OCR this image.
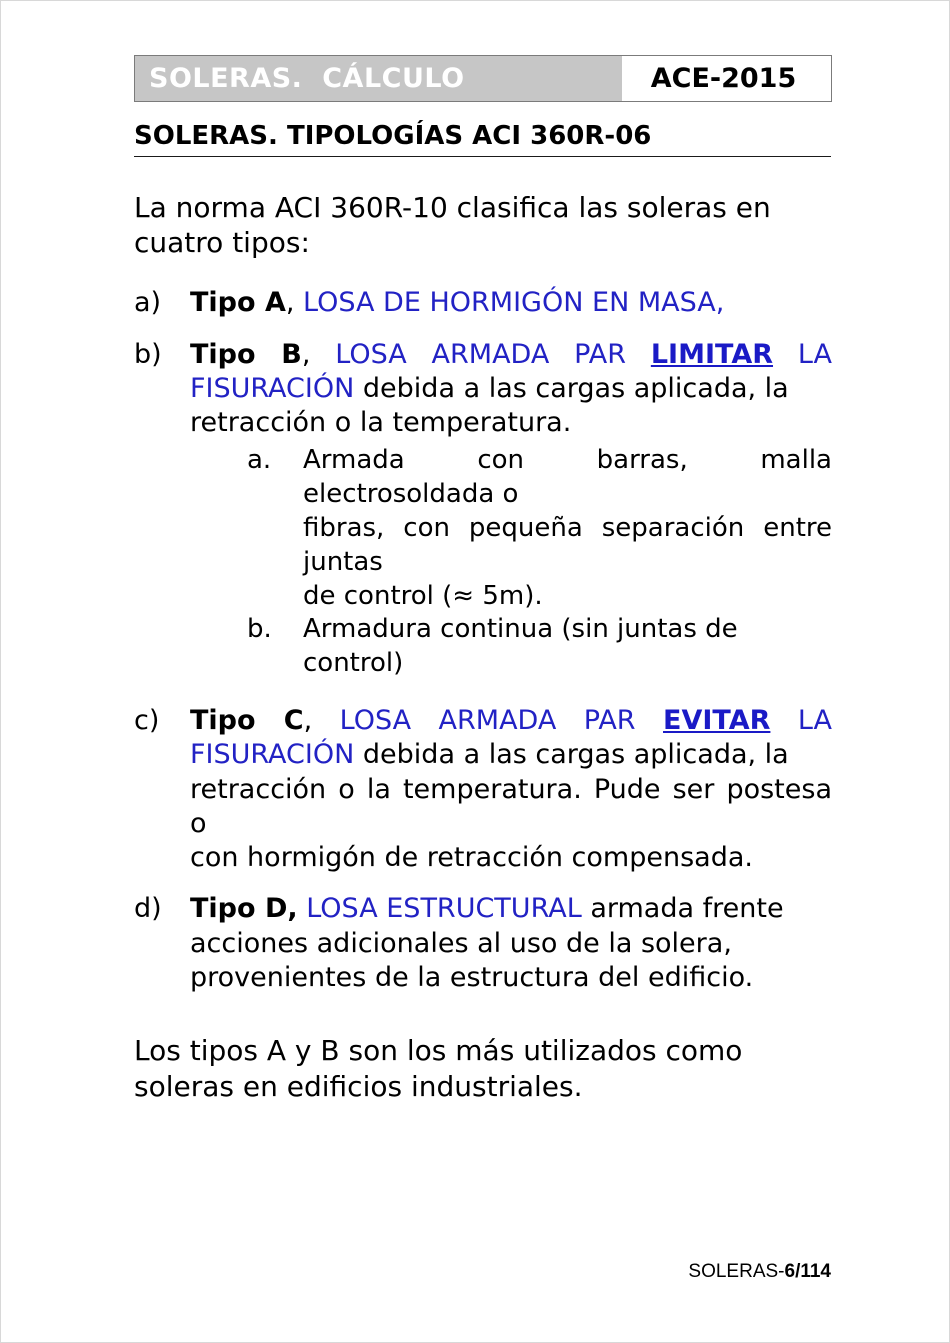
SOLERAS.  CÁLCULO	ACE-2015
SOLERAS. TIPOLOGÍAS ACI 360R-06
La norma ACI 360R-10 clasifica las soleras en
cuatro tipos:
a)	Tipo A, LOSA DE HORMIGÓN EN MASA,
b)	Tipo B, LOSA ARMADA PAR LIMITAR LA FISURACIÓN debida a las cargas aplicada, la
retracción o la temperatura.
a.	Armada con barras, malla electrosoldada o
fibras, con pequeña separación entre juntas
de control (≈ 5m).
b.	Armadura continua (sin juntas de control)
c)	Tipo C, LOSA ARMADA PAR EVITAR LA FISURACIÓN debida a las cargas aplicada, la
retracción o la temperatura. Pude ser postesa o
con hormigón de retracción compensada.
d)	Tipo D, LOSA ESTRUCTURAL armada frente
acciones adicionales al uso de la solera,
provenientes de la estructura del edificio.
Los tipos A y B son los más utilizados como
soleras en edificios industriales.

SOLERAS-6/114
